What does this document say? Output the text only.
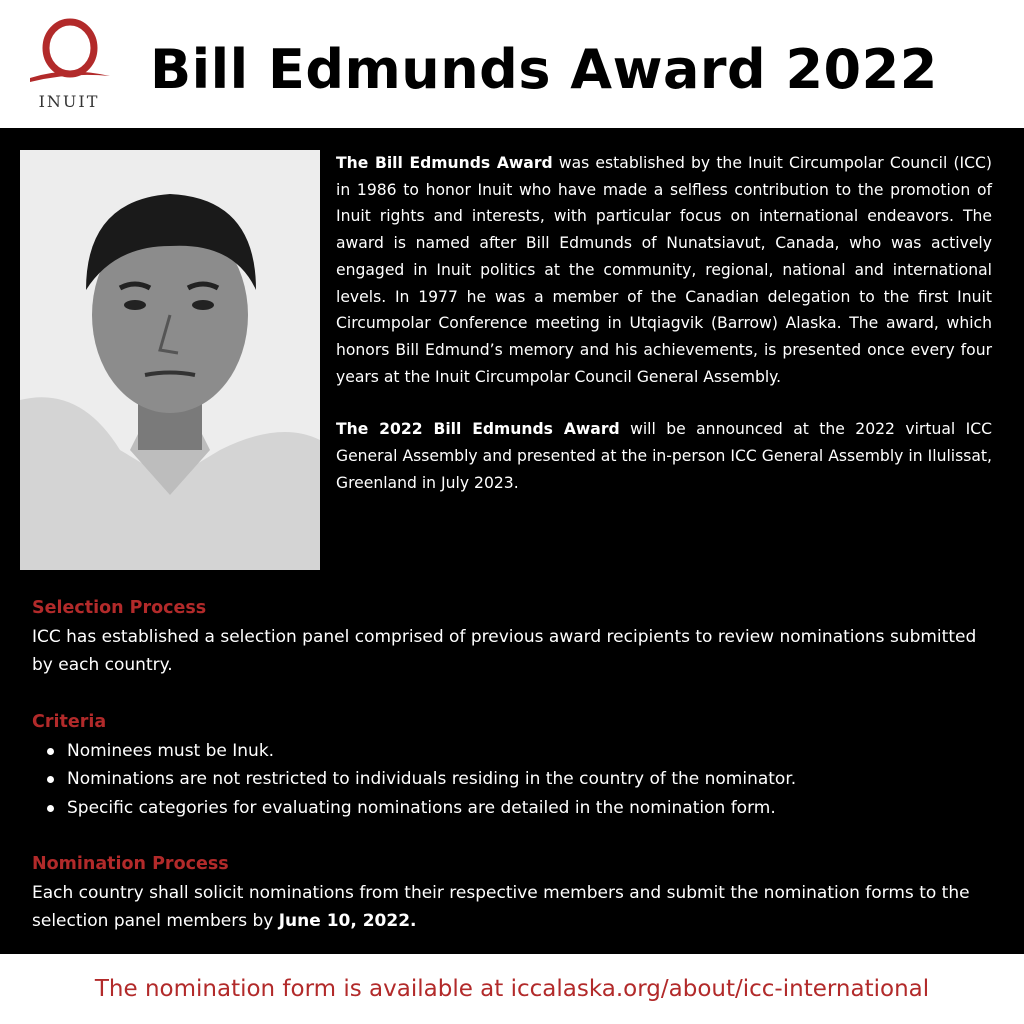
INUIT
Bill Edmunds Award 2022

The Bill Edmunds Award was established by the Inuit Circumpolar Council (ICC) in 1986 to honor Inuit who have made a selfless contribution to the promotion of Inuit rights and interests, with particular focus on international endeavors. The award is named after Bill Edmunds of Nunatsiavut, Canada, who was actively engaged in Inuit politics at the community, regional, national and international levels. In 1977 he was a member of the Canadian delegation to the first Inuit Circumpolar Conference meeting in Utqiagvik (Barrow) Alaska. The award, which honors Bill Edmund’s memory and his achievements, is presented once every four years at the Inuit Circumpolar Council General Assembly.

The 2022 Bill Edmunds Award will be announced at the 2022 virtual ICC General Assembly and presented at the in-person ICC General Assembly in Ilulissat, Greenland in July 2023.

Selection Process

ICC has established a selection panel comprised of previous award recipients to review nominations submitted by each country.

Criteria
Nominees must be Inuk.
Nominations are not restricted to individuals residing in the country of the nominator.
Specific categories for evaluating nominations are detailed in the nomination form.
Nomination Process

Each country shall solicit nominations from their respective members and submit the nomination forms to the selection panel members by June 10, 2022.

The nomination form is available at iccalaska.org/about/icc-international
